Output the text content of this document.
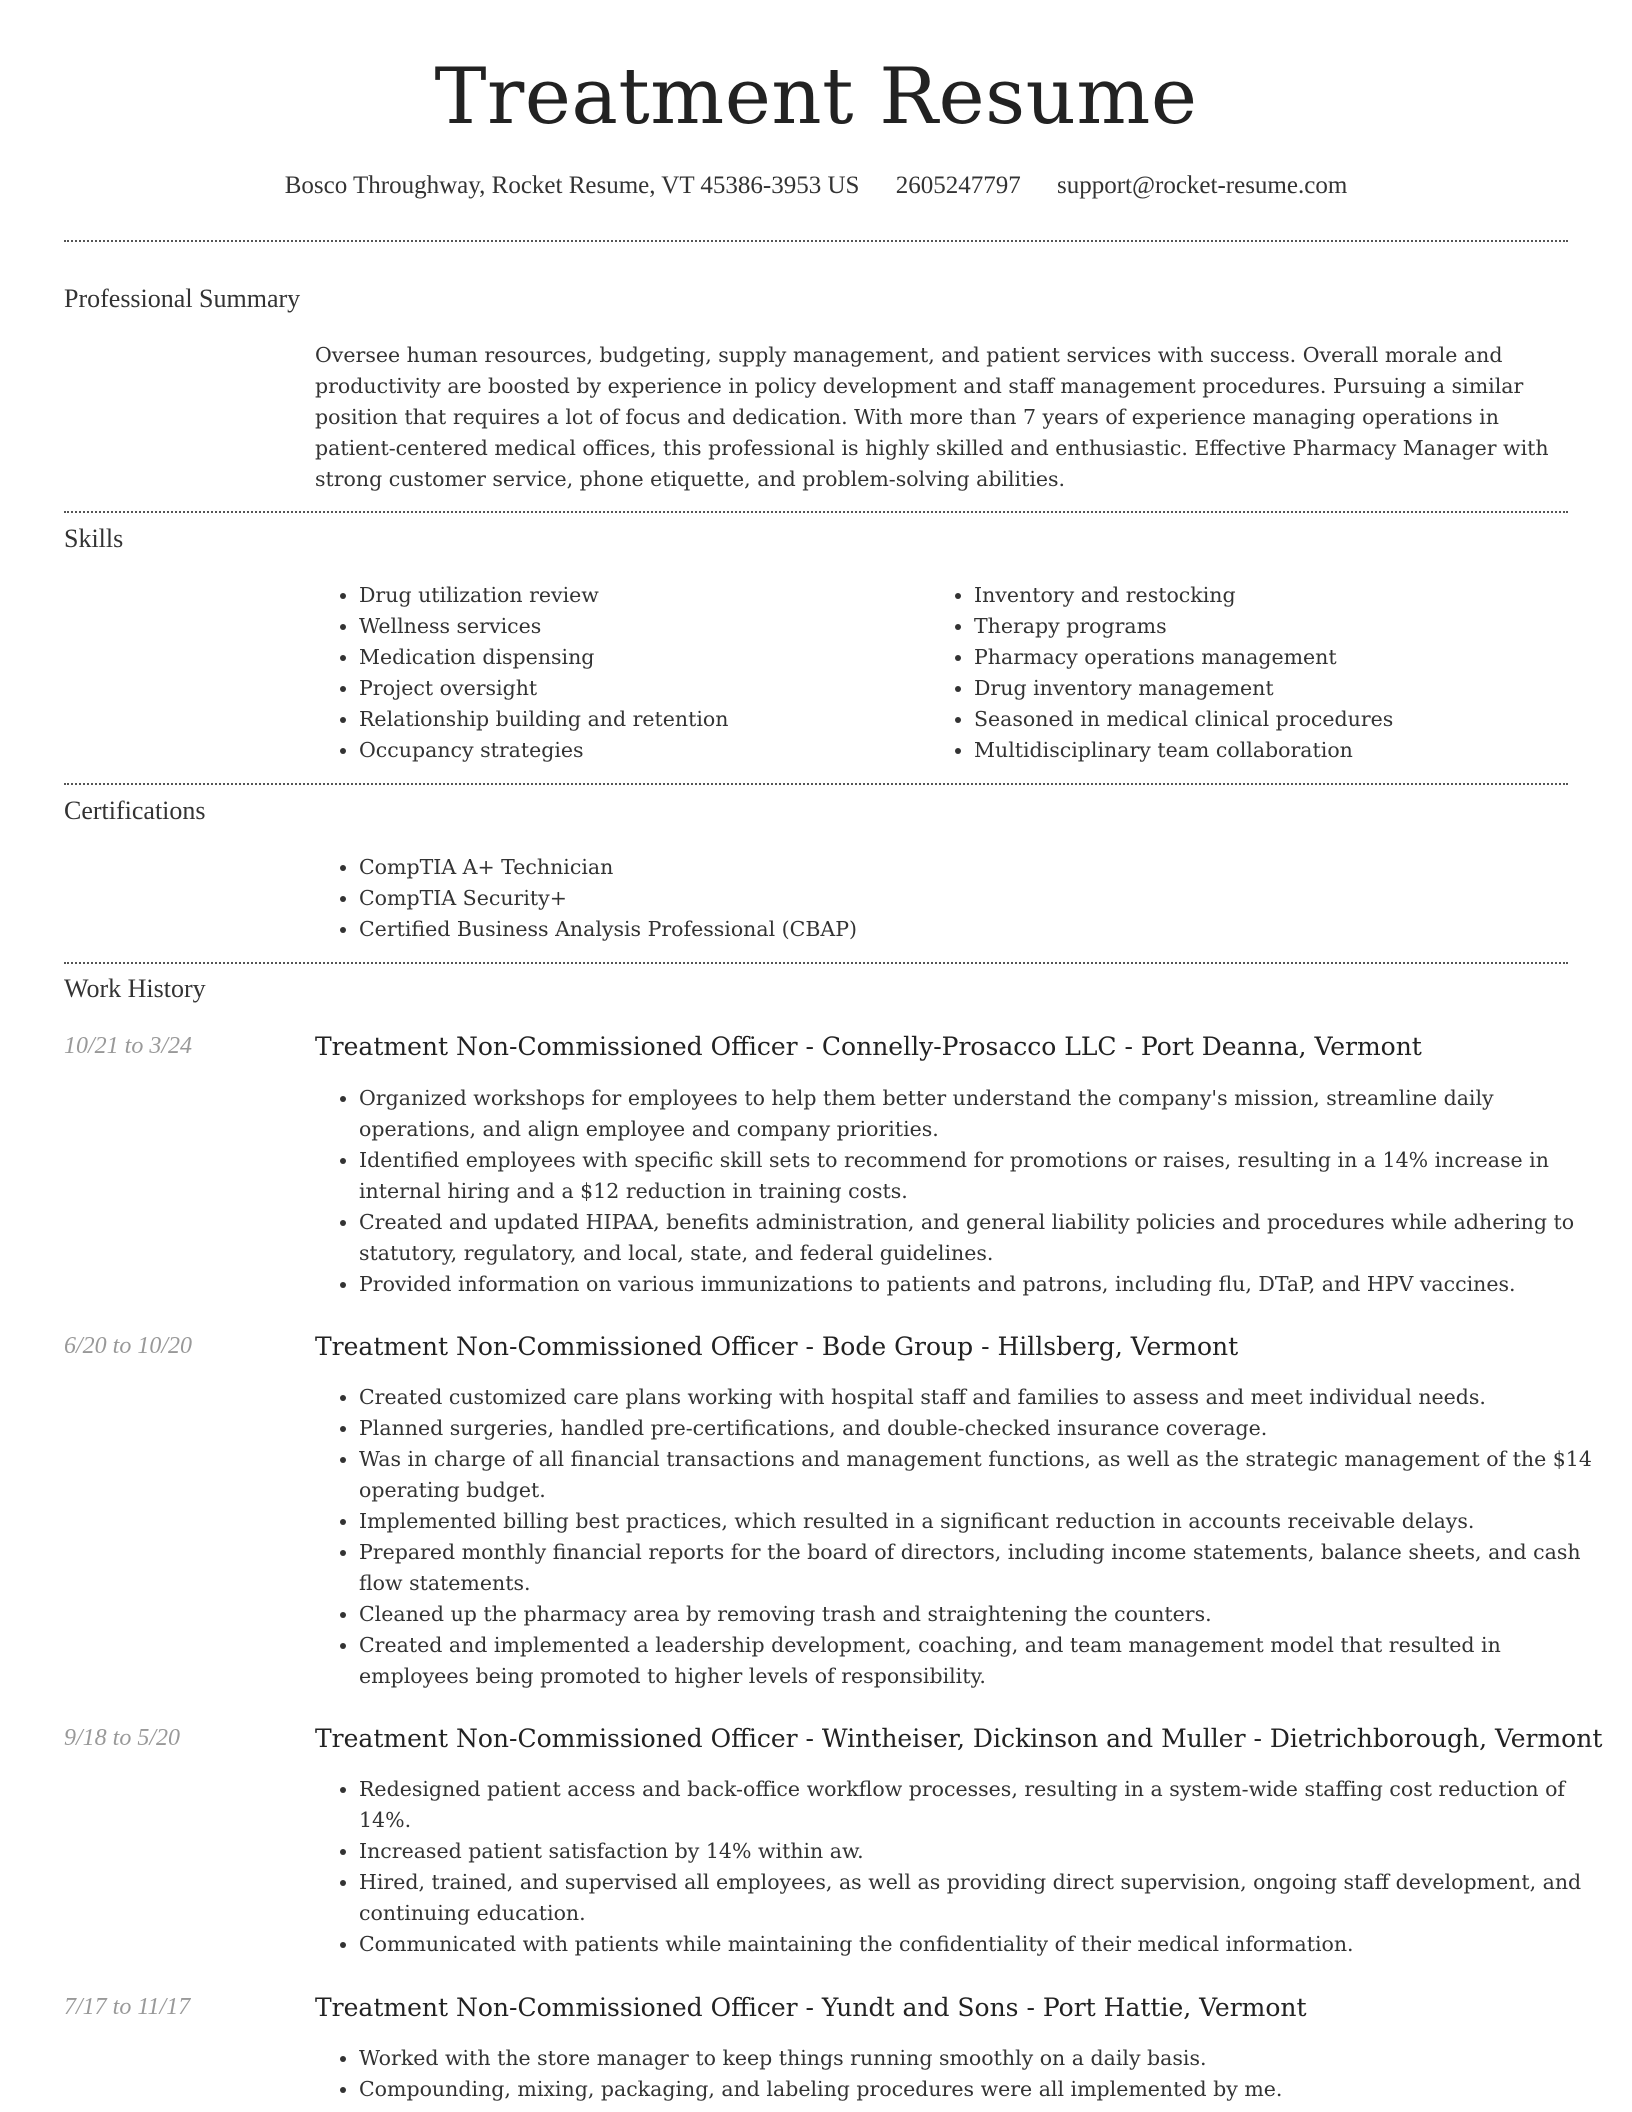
Treatment Resume
Bosco Throughway, Rocket Resume, VT 45386-3953 US 2605247797 support@rocket-resume.com
Professional Summary

Oversee human resources, budgeting, supply management, and patient services with success. Overall morale and productivity are boosted by experience in policy development and staff management procedures. Pursuing a similar position that requires a lot of focus and dedication. With more than 7 years of experience managing operations in patient-centered medical offices, this professional is highly skilled and enthusiastic. Effective Pharmacy Manager with strong customer service, phone etiquette, and problem-solving abilities.

Skills
• Drug utilization review
• Wellness services
• Medication dispensing
• Project oversight
• Relationship building and retention
• Occupancy strategies
• Inventory and restocking
• Therapy programs
• Pharmacy operations management
• Drug inventory management
• Seasoned in medical clinical procedures
• Multidisciplinary team collaboration
Certifications
• CompTIA A+ Technician
• CompTIA Security+
• Certified Business Analysis Professional (CBAP)
Work History
10/21 to 3/24	Treatment Non-Commissioned Officer - Connelly-Prosacco LLC - Port Deanna, Vermont
• Organized workshops for employees to help them better understand the company's mission, streamline daily operations, and align employee and company priorities.
• Identified employees with specific skill sets to recommend for promotions or raises, resulting in a 14% increase in internal hiring and a $12 reduction in training costs.
• Created and updated HIPAA, benefits administration, and general liability policies and procedures while adhering to statutory, regulatory, and local, state, and federal guidelines.
• Provided information on various immunizations to patients and patrons, including flu, DTaP, and HPV vaccines.
6/20 to 10/20	Treatment Non-Commissioned Officer - Bode Group - Hillsberg, Vermont
• Created customized care plans working with hospital staff and families to assess and meet individual needs.
• Planned surgeries, handled pre-certifications, and double-checked insurance coverage.
• Was in charge of all financial transactions and management functions, as well as the strategic management of the $14 operating budget.
• Implemented billing best practices, which resulted in a significant reduction in accounts receivable delays.
• Prepared monthly financial reports for the board of directors, including income statements, balance sheets, and cash flow statements.
• Cleaned up the pharmacy area by removing trash and straightening the counters.
• Created and implemented a leadership development, coaching, and team management model that resulted in employees being promoted to higher levels of responsibility.
9/18 to 5/20	Treatment Non-Commissioned Officer - Wintheiser, Dickinson and Muller - Dietrichborough, Vermont
• Redesigned patient access and back-office workflow processes, resulting in a system-wide staffing cost reduction of 14%.
• Increased patient satisfaction by 14% within aw.
• Hired, trained, and supervised all employees, as well as providing direct supervision, ongoing staff development, and continuing education.
• Communicated with patients while maintaining the confidentiality of their medical information.
7/17 to 11/17	Treatment Non-Commissioned Officer - Yundt and Sons - Port Hattie, Vermont
• Worked with the store manager to keep things running smoothly on a daily basis.
• Compounding, mixing, packaging, and labeling procedures were all implemented by me.
